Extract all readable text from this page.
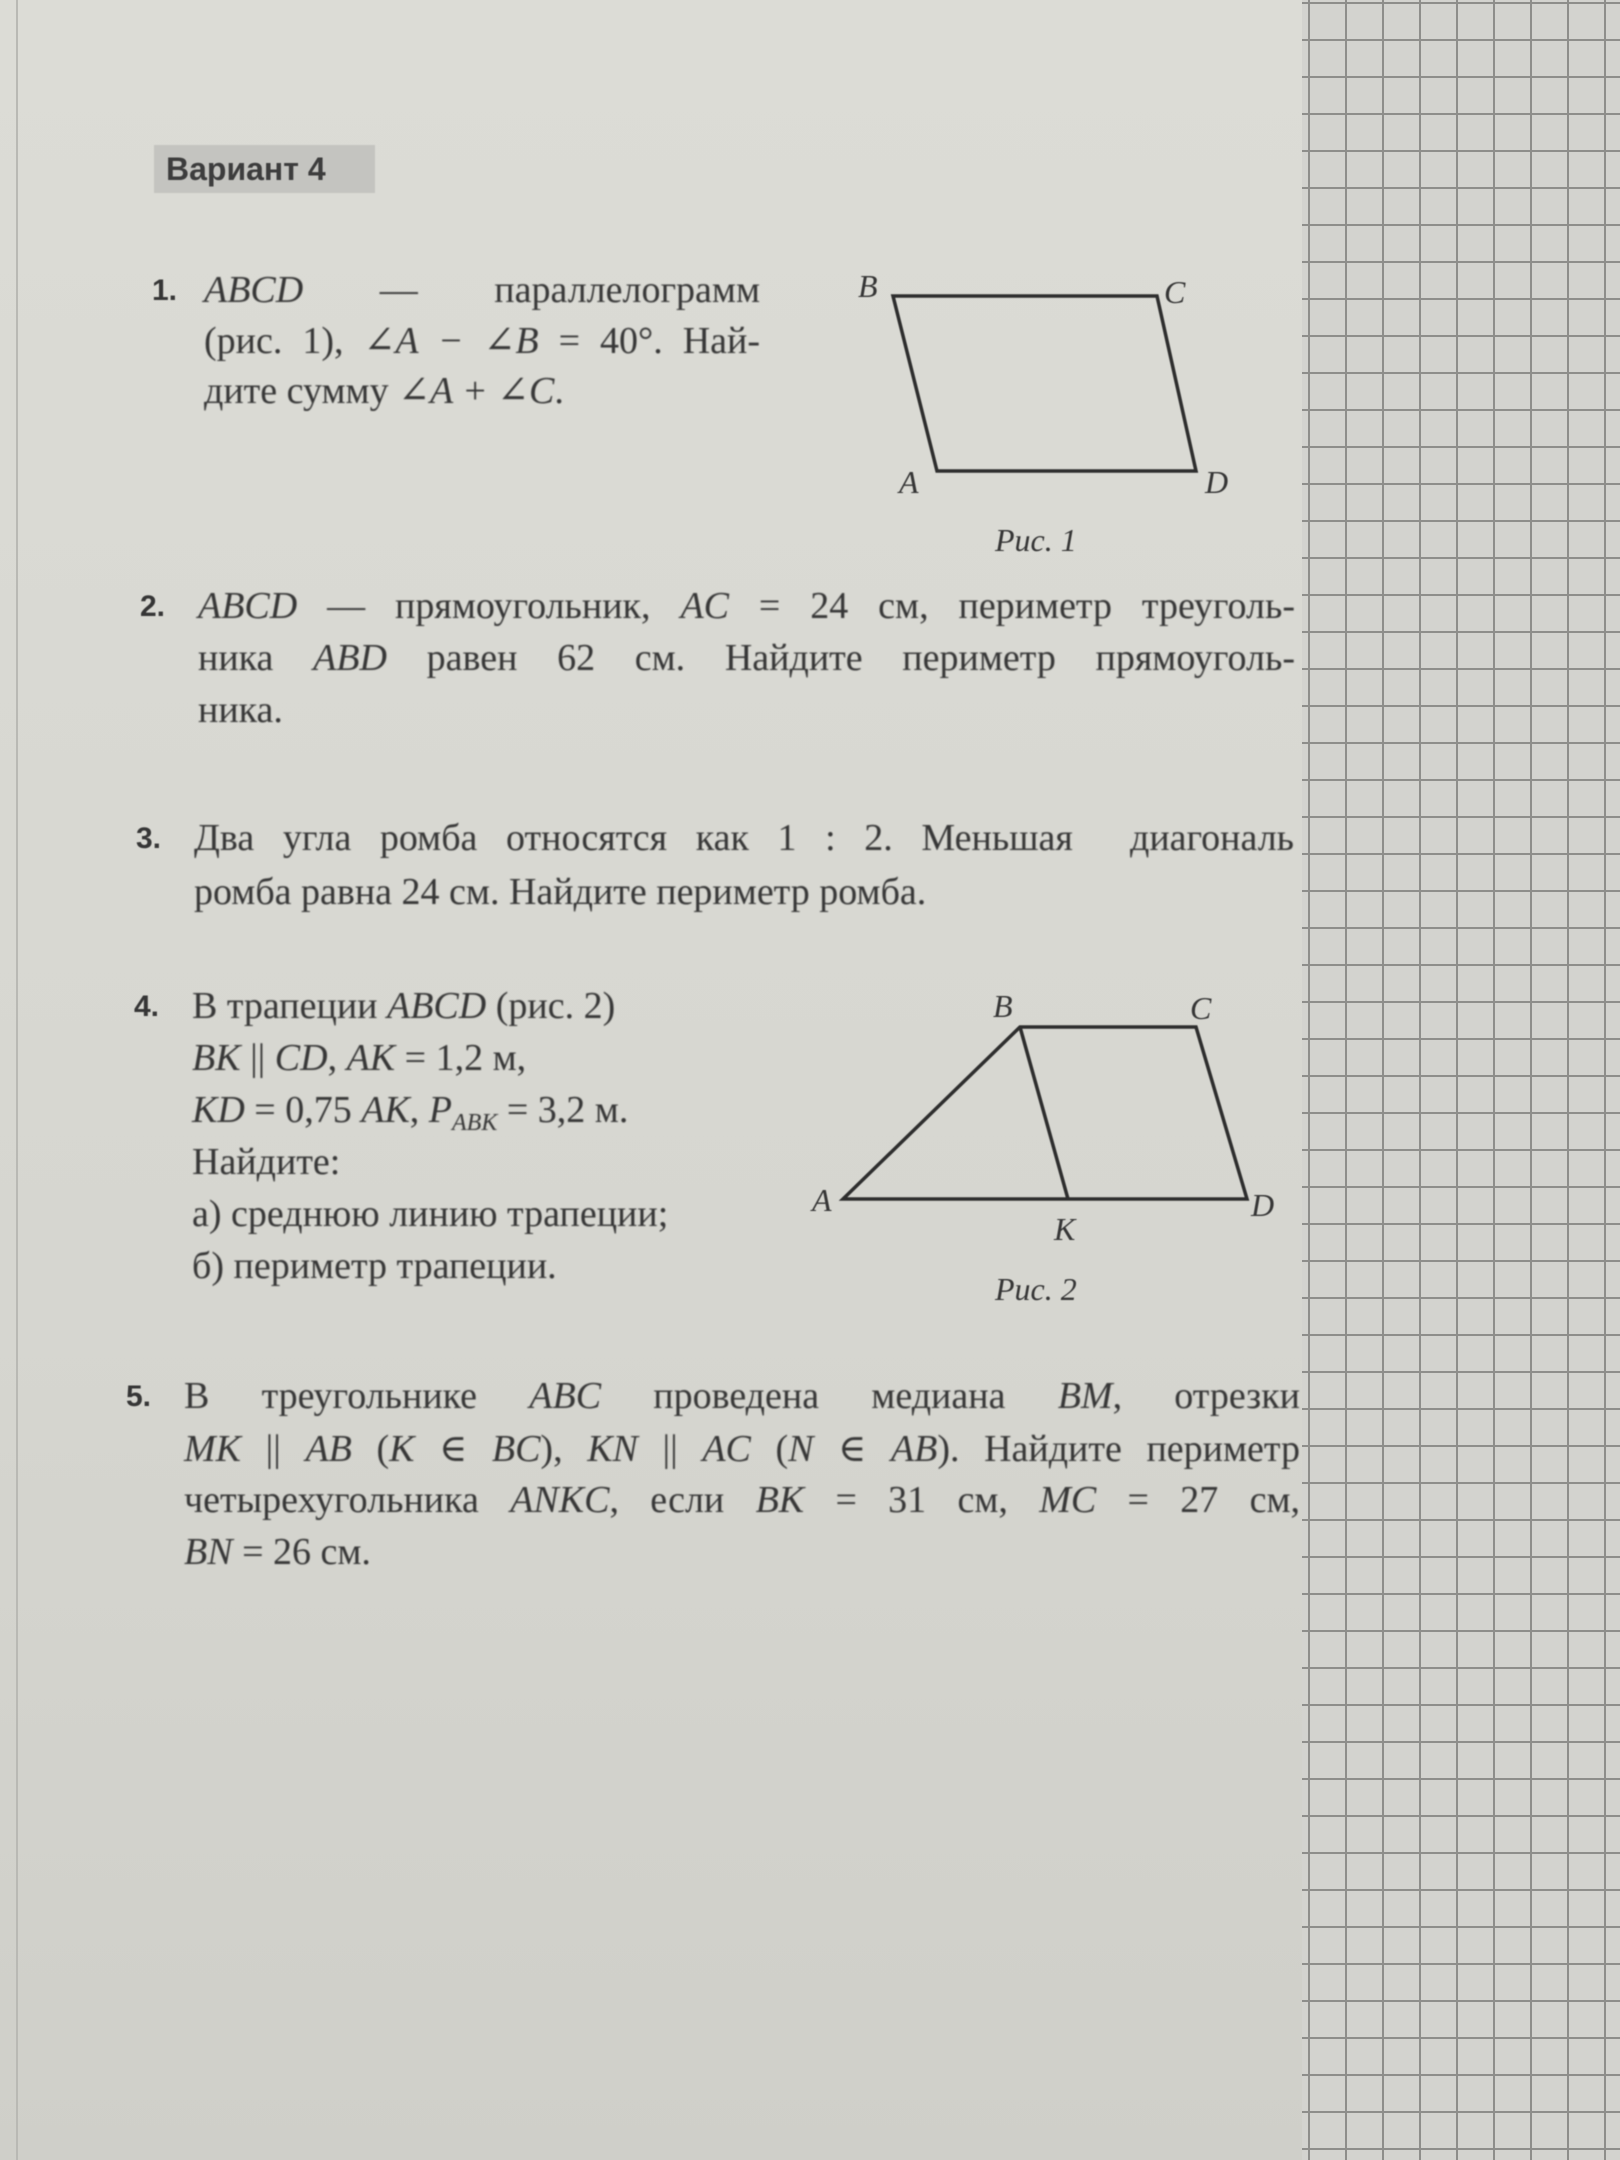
Вариант 4
1. ABCD   —   параллелограмм
(рис. 1), ∠A − ∠B = 40°. Най-
дите сумму ∠A + ∠C.
2. ABCD — прямоугольник, AC = 24 см, периметр треуголь-
ника ABD равен 62 см. Найдите периметр прямоуголь-
ника.
3. Два угла ромба относятся как 1 : 2. Меньшая  диагональ
ромба равна 24 см. Найдите периметр ромба.
4. В трапеции ABCD (рис. 2)
BK || CD, AK = 1,2 м,
KD = 0,75 AK, $P_{ABK} = 3,2$ м.
Найдите:
а) среднюю линию трапеции;
б) периметр трапеции.
5. В треугольнике ABC проведена медиана BM, отрезки
MK || AB (K ∈ BC), KN || AC (N ∈ AB). Найдите периметр
четырехугольника ANKC, если BK = 31 см, MC = 27 см,
BN = 26 см.
B	C
A	D
Рис. 1
B	C
A	D
K
Рис. 2
